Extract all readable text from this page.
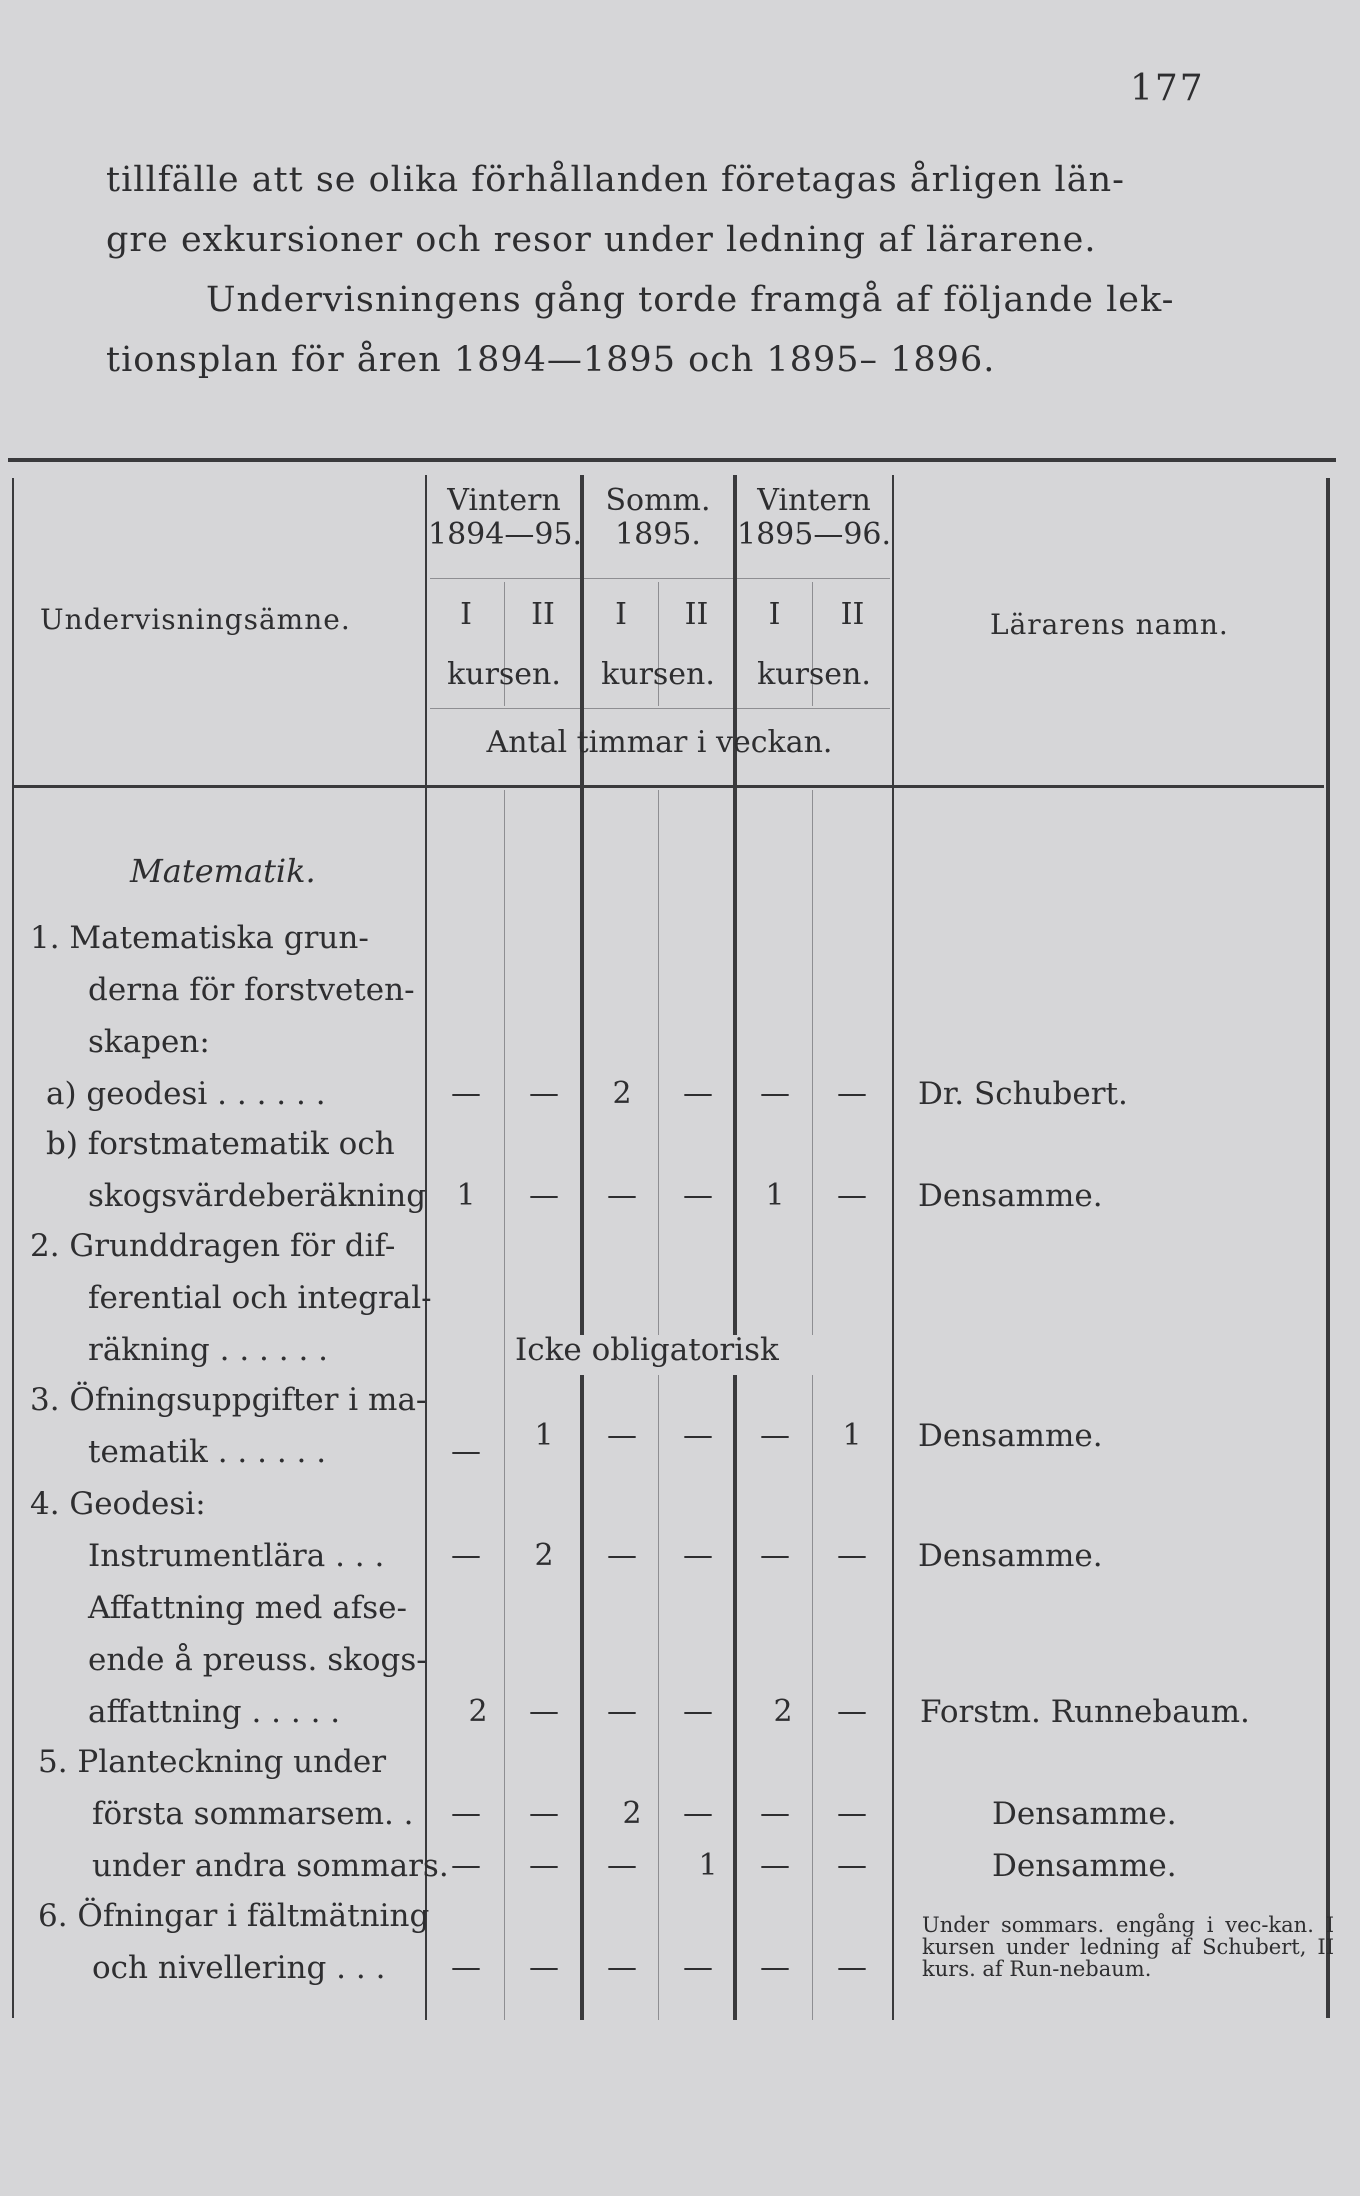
177

tillfälle att se olika förhållanden företagas årligen län-

gre exkursioner och resor under ledning af lärarene.

Undervisningens gång torde framgå af följande lek-

tionsplan för åren 1894—1895 och 1895– 1896.

Undervisningsämne.	Lärarens namn.
Vintern
1894—95.
Somm.
1895.
Vintern
1895—96.
I	II	I	II	I	II
kursen.	kursen.	kursen.
Antal timmar i veckan.
Matematik.
1. Matematiska grun-
derna för forstveten-
skapen:
a) geodesi . . . . . .	—	—	2	—	—	—	Dr. Schubert.
b) forstmatematik och
skogsvärdeberäkning	1	—	—	—	1	—	Densamme.
2. Grunddragen för dif-
ferential och integral-
räkning . . . . . .	Icke obligatorisk
3. Öfningsuppgifter i ma-
tematik . . . . . .	—	1	—	—	—	1	Densamme.
4. Geodesi:
Instrumentlära . . .	—	2	—	—	—	—	Densamme.
Affattning med afse-
ende å preuss. skogs-
affattning . . . . .	2	—	—	—	2	—	Forstm. Runnebaum.
5. Planteckning under
första sommarsem. .	—	—	2	—	—	—	Densamme.
under andra sommars. —	—	—	1	—	—	Densamme.
6. Öfningar i fältmätning
och nivellering . . .	—	—	—	—	—	—
Under sommars. engång i vec-kan. I kursen under ledning af Schubert, II kurs. af Run-nebaum.
